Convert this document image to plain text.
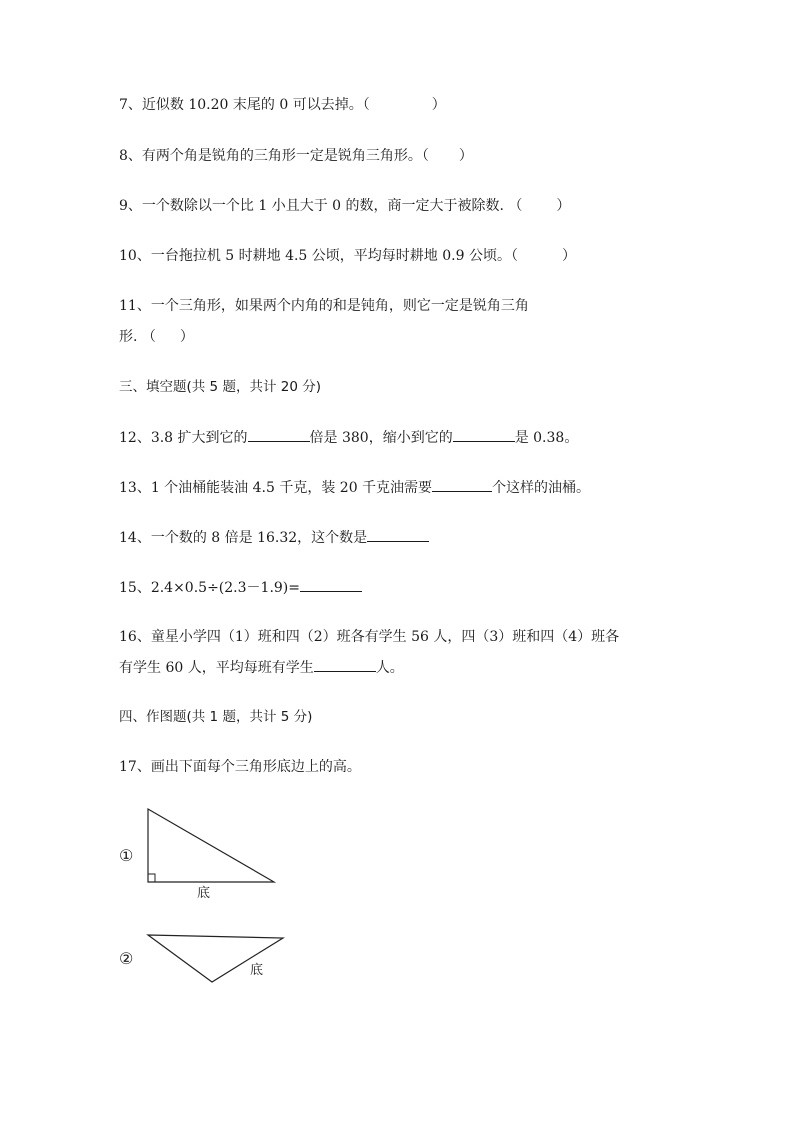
7、近似数 10.20 末尾的 0 可以去掉。（	）
8、有两个角是锐角的三角形一定是锐角三角形。（ ）
9、一个数除以一个比 1 小且大于 0 的数，商一定大于被除数. （ ）
10、一台拖拉机 5 时耕地 4.5 公顷，平均每时耕地 0.9 公顷。（	）
11、一个三角形，如果两个内角的和是钝角，则它一定是锐角三角
形. （ ）
三、填空题(共 5 题，共计 20 分)
12、3.8 扩大到它的	倍是 380，缩小到它的	是 0.38。
13、1 个油桶能装油 4.5 千克，装 20 千克油需要	个这样的油桶。
14、一个数的 8 倍是 16.32，这个数是
15、2.4×0.5÷(2.3－1.9)=
16、童星小学四（1）班和四（2）班各有学生 56 人，四（3）班和四（4）班各
有学生 60 人，平均每班有学生	人。
四、作图题(共 1 题，共计 5 分)
17、画出下面每个三角形底边上的高。
①
底
②
底
